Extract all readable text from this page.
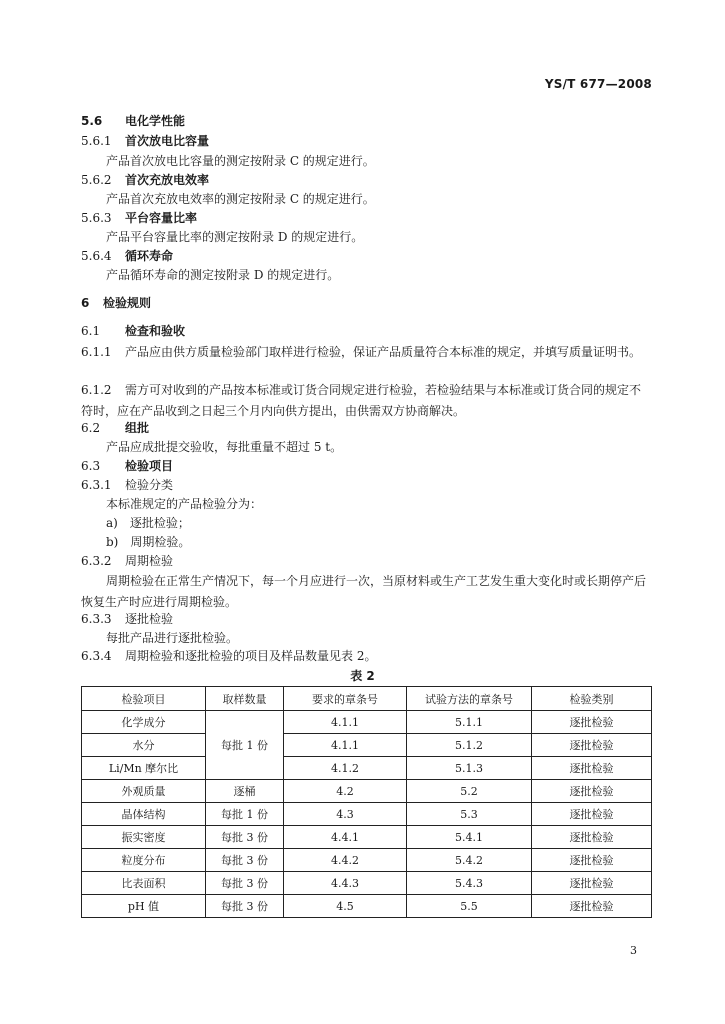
YS/T 677—2008
5.6 电化学性能
5.6.1 首次放电比容量
产品首次放电比容量的测定按附录 C 的规定进行。
5.6.2 首次充放电效率
产品首次充放电效率的测定按附录 C 的规定进行。
5.6.3 平台容量比率
产品平台容量比率的测定按附录 D 的规定进行。
5.6.4 循环寿命
产品循环寿命的测定按附录 D 的规定进行。
6 检验规则
6.1 检查和验收
6.1.1 产品应由供方质量检验部门取样进行检验，保证产品质量符合本标准的规定，并填写质量证明书。
6.1.2 需方可对收到的产品按本标准或订货合同规定进行检验，若检验结果与本标准或订货合同的规定不符时，应在产品收到之日起三个月内向供方提出，由供需双方协商解决。
6.2 组批
产品应成批提交验收，每批重量不超过 5 t。
6.3 检验项目
6.3.1 检验分类
本标准规定的产品检验分为：
a)　逐批检验；
b)　周期检验。
6.3.2 周期检验
周期检验在正常生产情况下，每一个月应进行一次，当原材料或生产工艺发生重大变化时或长期停产后恢复生产时应进行周期检验。
6.3.3 逐批检验
每批产品进行逐批检验。
6.3.4 周期检验和逐批检验的项目及样品数量见表 2。
表 2
检验项目	取样数量	要求的章条号	试验方法的章条号	检验类别
化学成分	每批 1 份	4.1.1	5.1.1	逐批检验
水分		4.1.1	5.1.2	逐批检验
Li/Mn 摩尔比		4.1.2	5.1.3	逐批检验
外观质量	逐桶	4.2	5.2	逐批检验
晶体结构	每批 1 份	4.3	5.3	逐批检验
振实密度	每批 3 份	4.4.1	5.4.1	逐批检验
粒度分布	每批 3 份	4.4.2	5.4.2	逐批检验
比表面积	每批 3 份	4.4.3	5.4.3	逐批检验
pH 值	每批 3 份	4.5	5.5	逐批检验
3
